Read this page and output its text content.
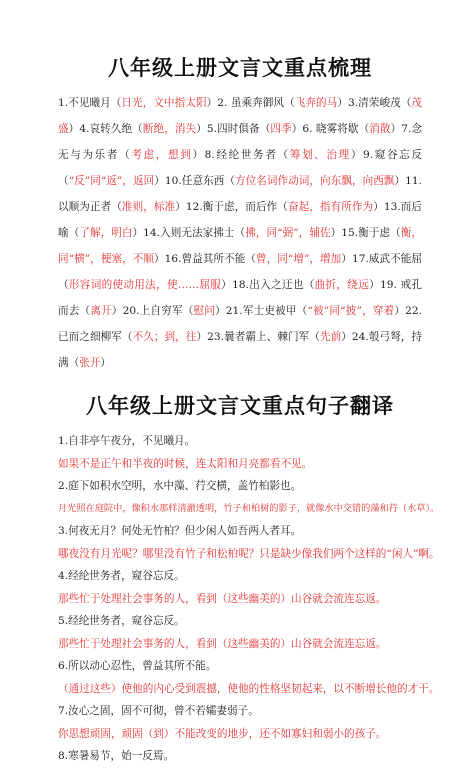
八年级上册文言文重点梳理

1.不见曦月（日光，文中指太阳）2. 虽乘奔御风（飞奔的马）3.清荣峻茂（茂盛）4.哀转久绝（断绝，消失）5.四时俱备（四季）6. 晓雾将歇（消散）7.念无与为乐者（考虑，想到）8.经纶世务者（筹划、治理）9.窥谷忘反（“反”同“返”，返回）10.任意东西（方位名词作动词，向东飘，向西飘）11. 以顺为正者（准则，标准）12.衡于虑，而后作（奋起，指有所作为）13.而后喻（了解，明白）14.入则无法家拂士（拂，同“弼”，辅佐）15.衡于虑（衡，同“横”，梗塞，不顺）16.曾益其所不能（曾，同“增”，增加）17.威武不能屈（形容词的使动用法，使……屈服）18.出入之迂也（曲折，绕远）19. 戒孔而去（离开）20.上自穷军（慰问）21.军士吏被甲（“被”同“披”，穿着）22.已而之细柳军（不久；到，往）23.曩者霸上、棘门军（先前）24.彀弓弩，持满（张开）

八年级上册文言文重点句子翻译

1.自非亭午夜分，不见曦月。

如果不是正午和半夜的时候，连太阳和月亮都看不见。

2.庭下如积水空明，水中藻、荇交横，盖竹柏影也。

月光照在庭院中，像积水那样清澈透明，竹子和柏树的影子，就像水中交错的藻和荇（水草）。

3.何夜无月？何处无竹柏？但少闲人如吾两人者耳。

哪夜没有月光呢？哪里没有竹子和松柏呢？只是缺少像我们两个这样的“闲人”啊。

4.经纶世务者，窥谷忘反。

那些忙于处理社会事务的人，看到（这些幽美的）山谷就会流连忘返。

5.经纶世务者，窥谷忘反。

那些忙于处理社会事务的人，看到（这些幽美的）山谷就会流连忘返。

6.所以动心忍性，曾益其所不能。

（通过这些）使他的内心受到震撼，使他的性格坚韧起来，以不断增长他的才干。

7.汝心之固，固不可彻，曾不若孀妻弱子。

你思想顽固，顽固（到）不能改变的地步，还不如寡妇和弱小的孩子。

8.寒暑易节，始一反焉。
